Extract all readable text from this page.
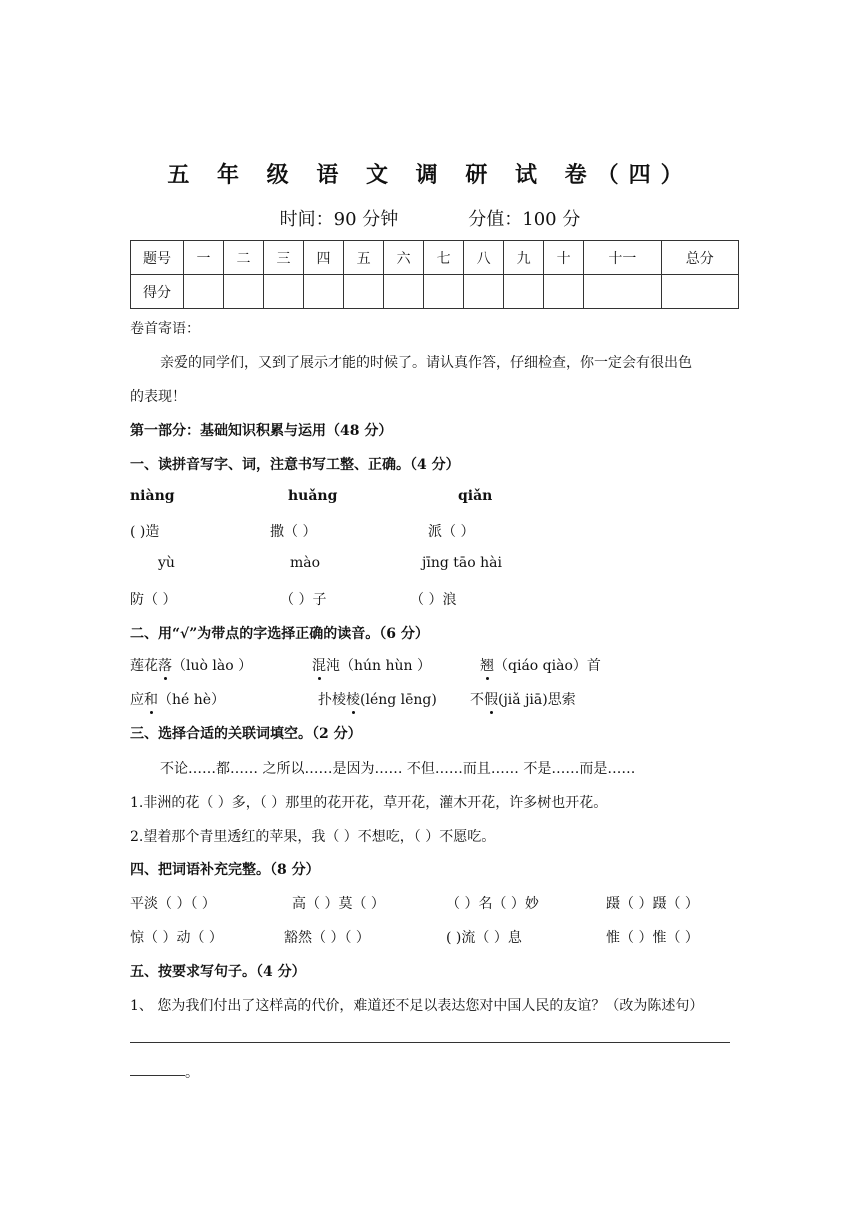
五 年 级 语 文 调 研 试 卷（四）
时间：90 分钟	分值：100 分
题号	一	二	三	四	五	六	七	八	九	十	十一	总分
得分												
卷首寄语：
亲爱的同学们，又到了展示才能的时候了。请认真作答，仔细检查，你一定会有很出色
的表现！
第一部分：基础知识积累与运用（48 分）
一、读拼音写字、词，注意书写工整、正确。（4 分）
niàng	huǎng	qiǎn
( )造	撒（ ）	派（ ）
yù	mào	jīng tāo hài
防（ ）	（ ）子	（ ）浪
二、用“√”为带点的字选择正确的读音。（6 分）
莲花落（luò lào ）	混沌（hún hùn ）	翘（qiáo qiào）首
应和（hé hè）	扑棱棱(léng lēng) 不假(jiǎ jiā)思索
三、选择合适的关联词填空。（2 分）
不论……都…… 之所以……是因为…… 不但……而且…… 不是……而是……
1.非洲的花（ ）多，（ ）那里的花开花，草开花，灌木开花，许多树也开花。
2.望着那个青里透红的苹果，我（ ）不想吃，（ ）不愿吃。
四、把词语补充完整。（8 分）
平淡（ ）（ ）	高（ ）莫（ ）	（ ）名（ ）妙	蹑（ ）蹑（ ）
惊（ ）动（ ）	豁然（ ）（ ）	( )流（ ）息	惟（ ）惟（ ）
五、按要求写句子。（4 分）
1、 您为我们付出了这样高的代价，难道还不足以表达您对中国人民的友谊？（改为陈述句）
。
